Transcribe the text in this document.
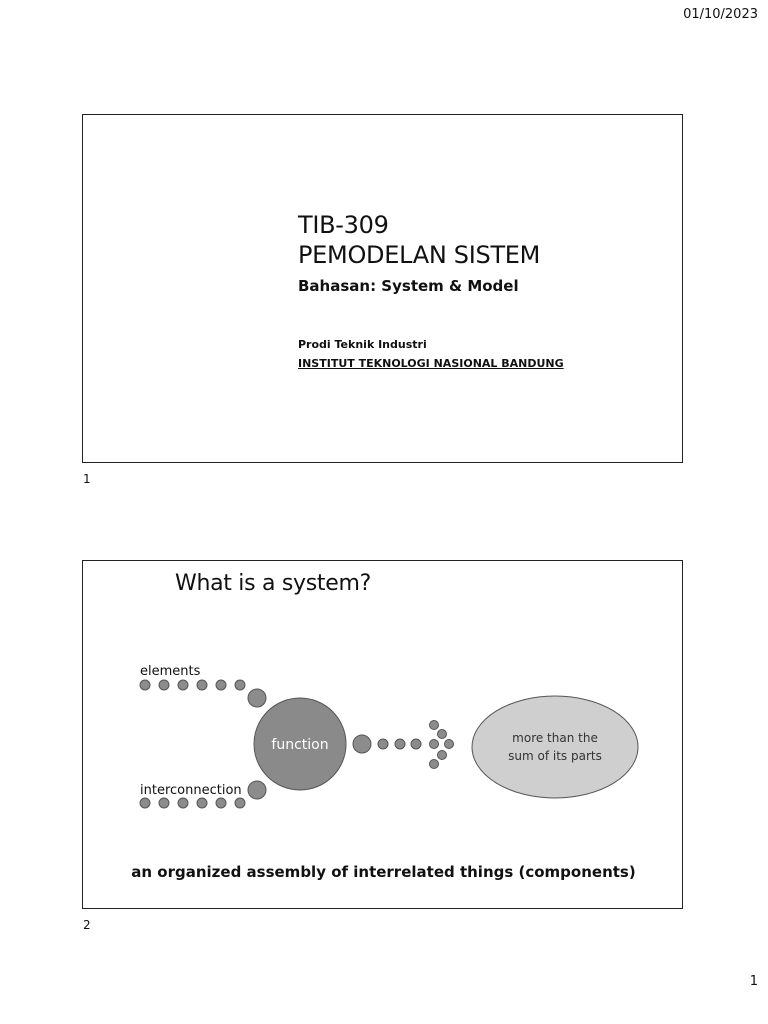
01/10/2023
TIB-309
PEMODELAN SISTEM
Bahasan: System & Model
Prodi Teknik Industri
INSTITUT TEKNOLOGI NASIONAL BANDUNG
1
What is a system?
function	more than the
sum of its parts
elements
interconnection
an organized assembly of interrelated things (components)
2
1
